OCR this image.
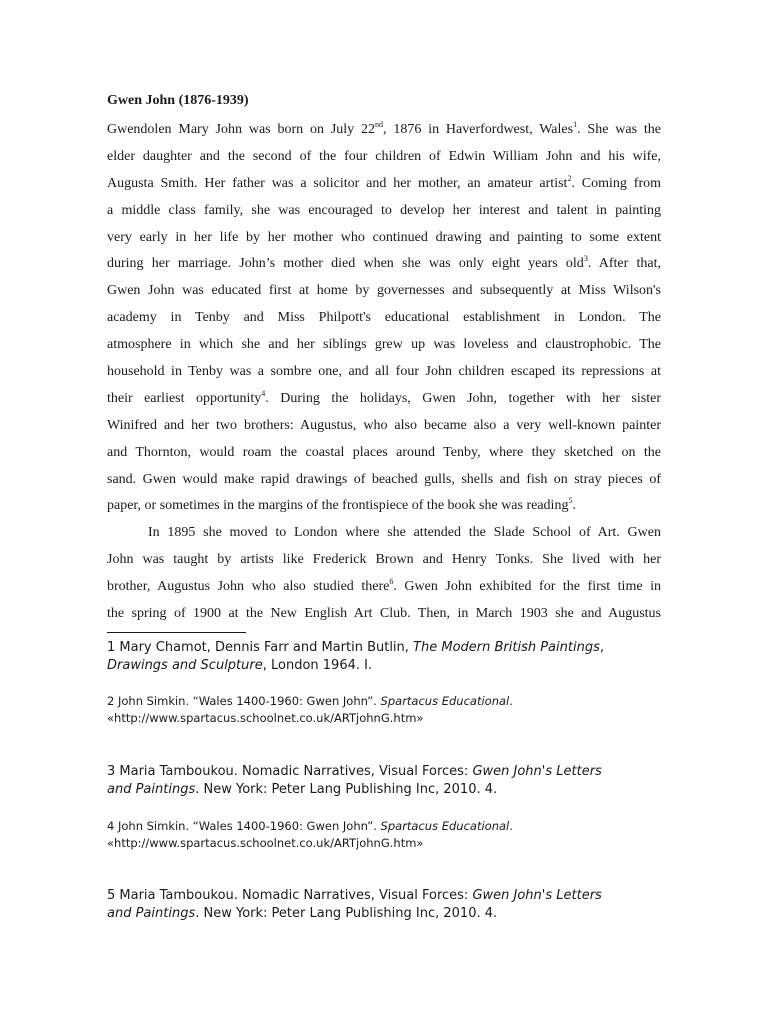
Gwen John (1876-1939)
Gwendolen Mary John was born on July 22nd, 1876 in Haverfordwest, Wales$^1$. She was the
elder daughter and the second of the four children of Edwin William John and his wife,
Augusta Smith. Her father was a solicitor and her mother, an amateur artist$^2$. Coming from
a middle class family, she was encouraged to develop her interest and talent in painting
very early in her life by her mother who continued drawing and painting to some extent
during her marriage. John’s mother died when she was only eight years old$^3$. After that,
Gwen John was educated first at home by governesses and subsequently at Miss Wilson's
academy in Tenby and Miss Philpott's educational establishment in London. The
atmosphere in which she and her siblings grew up was loveless and claustrophobic. The
household in Tenby was a sombre one, and all four John children escaped its repressions at
their earliest opportunity$^4$. During the holidays, Gwen John, together with her sister
Winifred and her two brothers: Augustus, who also became also a very well-known painter
and Thornton, would roam the coastal places around Tenby, where they sketched on the
sand. Gwen would make rapid drawings of beached gulls, shells and fish on stray pieces of
paper, or sometimes in the margins of the frontispiece of the book she was reading$^5$.
In 1895 she moved to London where she attended the Slade School of Art. Gwen
John was taught by artists like Frederick Brown and Henry Tonks. She lived with her
brother, Augustus John who also studied there$^6$. Gwen John exhibited for the first time in
the spring of 1900 at the New English Art Club. Then, in March 1903 she and Augustus
1 Mary Chamot, Dennis Farr and Martin Butlin, The Modern British Paintings,
Drawings and Sculpture, London 1964. I.
2 John Simkin. “Wales 1400-1960: Gwen John”. Spartacus Educational.
«http://www.spartacus.schoolnet.co.uk/ARTjohnG.htm»
3 Maria Tamboukou. Nomadic Narratives, Visual Forces: Gwen John's Letters
and Paintings. New York: Peter Lang Publishing Inc, 2010. 4.
4 John Simkin. “Wales 1400-1960: Gwen John”. Spartacus Educational.
«http://www.spartacus.schoolnet.co.uk/ARTjohnG.htm»
5 Maria Tamboukou. Nomadic Narratives, Visual Forces: Gwen John's Letters
and Paintings. New York: Peter Lang Publishing Inc, 2010. 4.
